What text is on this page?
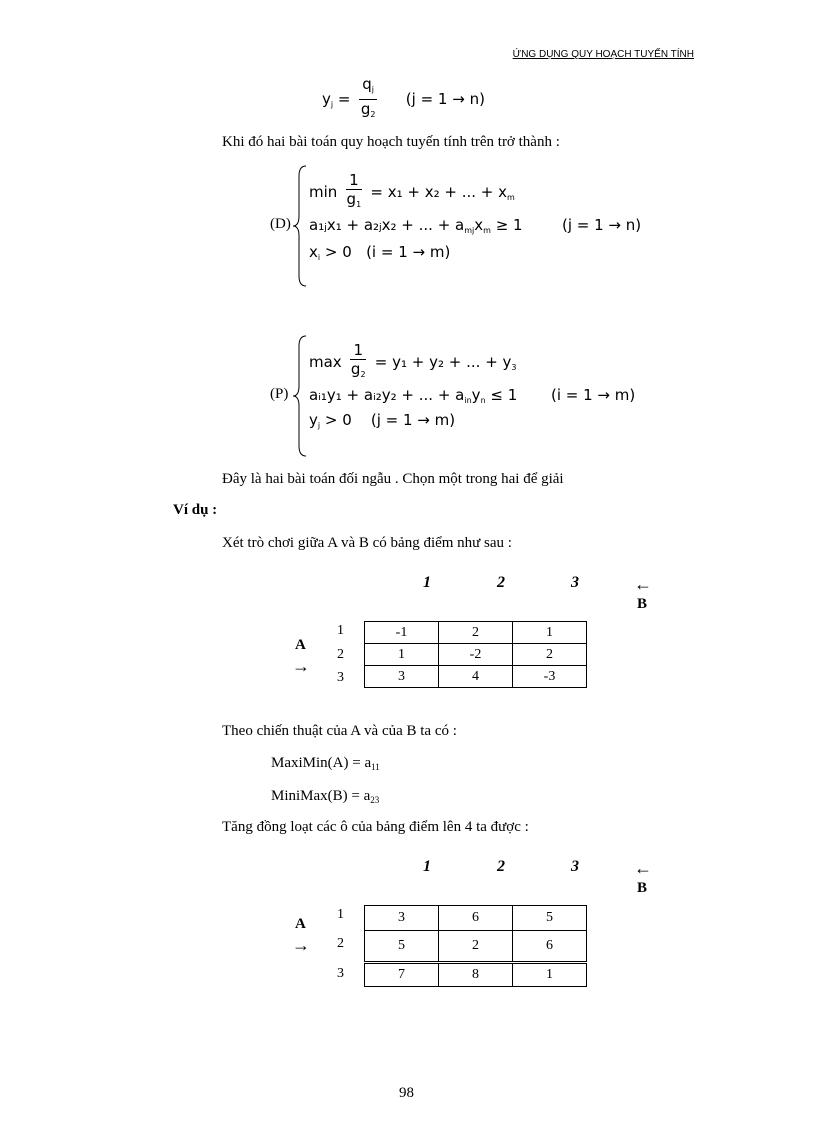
ỨNG DỤNG QUY HOẠCH TUYẾN TÍNH
$y_j = \frac{q_j}{g_2} (j = 1 \to n)$
Khi đó hai bài toán quy hoạch tuyến tính trên trở thành :
(D)
$\min \frac{1}{g_1} = x_1 + x_2$ + ... + $x_m$
a₁ⱼx₁ + a₂ⱼx₂ + ... + $a_{mj}x_m \ge 1$	(j = 1 → n)
$x_i > 0$   (i = 1 → m)
(P)
$\max \frac{1}{g_2} = y_1 + y_2$ + ... + $y_3$
aᵢ₁y₁ + aᵢ₂y₂ + ... + $a_{in}y_n \le 1$ (i = 1 → m)
$y_j > 0$    (j = 1 → m)
Đây là hai bài toán đối ngẫu . Chọn một trong hai để giải
Ví dụ :
Xét trò chơi giữa A và B có bảng điểm như sau :
1	2	3	←
B
A
→
1
2
3
-1	2	1
1	-2	2
3	4	-3
Theo chiến thuật của A và của B ta có :
MaxiMin(A) = $a_{11}$
MiniMax(B) = $a_{23}$
Tăng đồng loạt các ô của bảng điểm lên 4 ta được :
1	2	3	←
B
A
→
1
2
3
3	6	5
5	2	6
7	8	1
98
